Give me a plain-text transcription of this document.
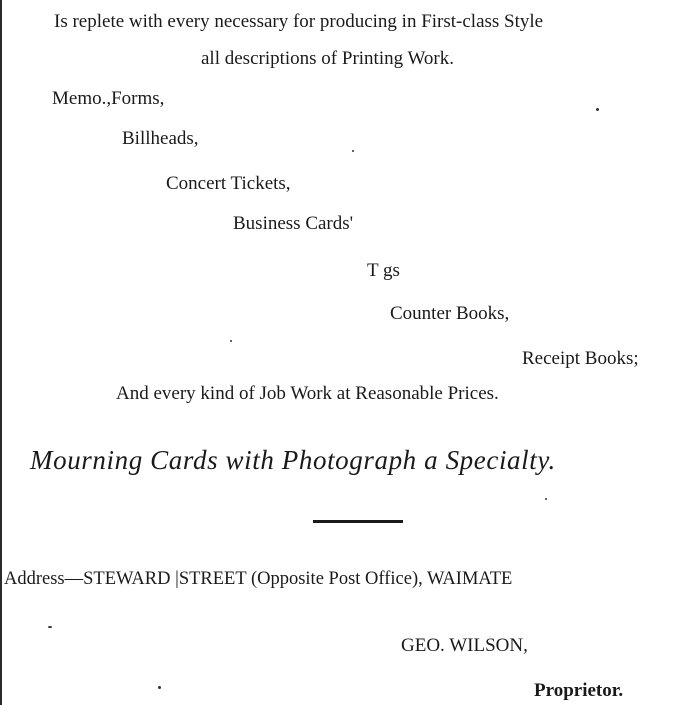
Is replete with every necessary for producing in First-class Style
all descriptions of Printing Work.
Memo.,Forms,
Billheads,
Concert Tickets,
Business Cards'
T gs
Counter Books,
Receipt Books;
And every kind of Job Work at Reasonable Prices.
Mourning Cards with Photograph a Specialty.
Address—STEWARD |STREET (Opposite Post Office), WAIMATE
GEO. WILSON,
Proprietor.
